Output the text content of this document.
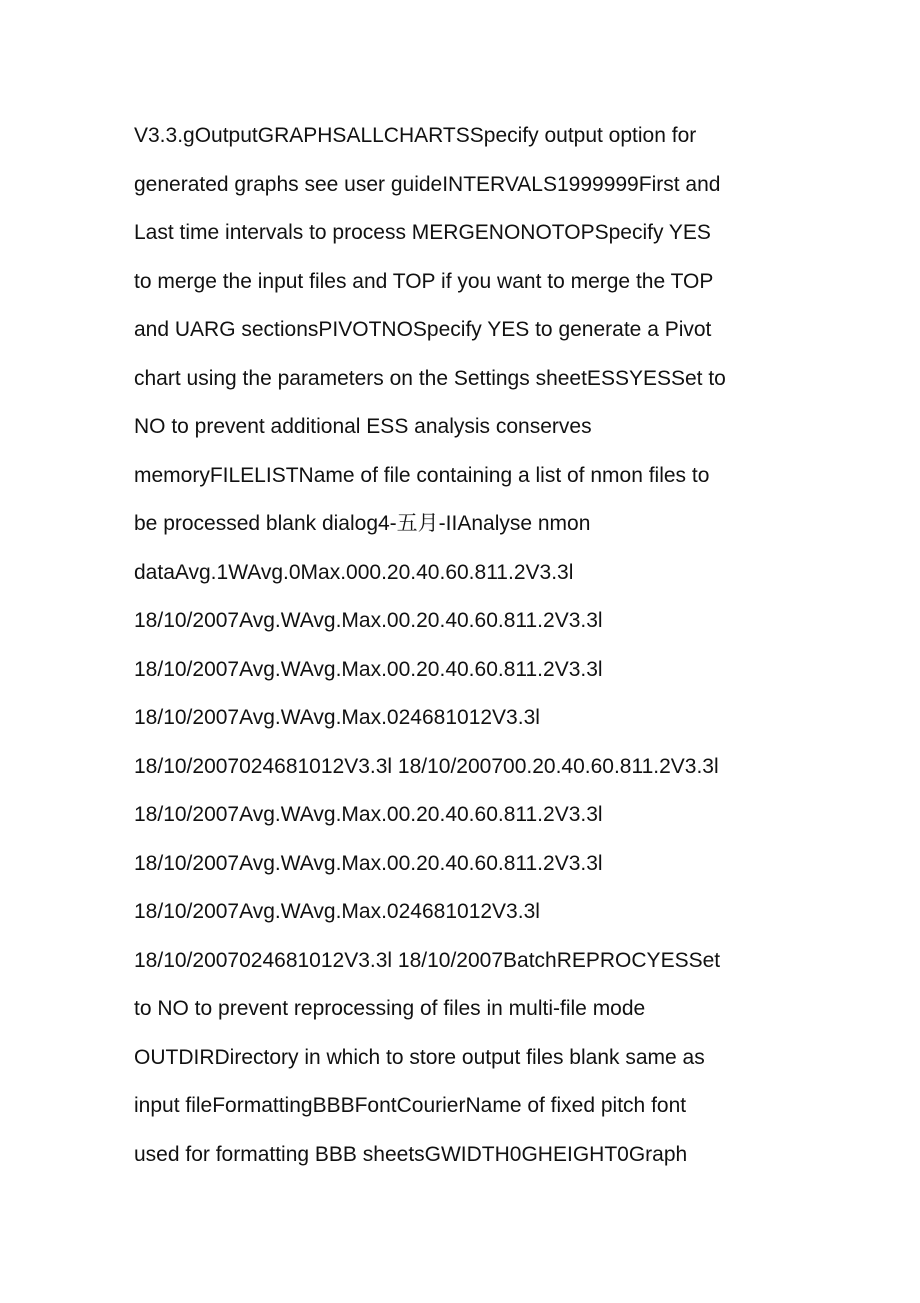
V3.3.gOutputGRAPHSALLCHARTSSpecify output option for
generated graphs see user guideINTERVALS1999999First and
Last time intervals to process MERGENONOTOPSpecify YES
to merge the input files and TOP if you want to merge the TOP
and UARG sectionsPIVOTNOSpecify YES to generate a Pivot
chart using the parameters on the Settings sheetESSYESSet to
NO to prevent additional ESS analysis conserves
memoryFILELISTName of file containing a list of nmon files to
be processed blank dialog4-五月-IIAnalyse nmon
dataAvg.1WAvg.0Max.000.20.40.60.811.2V3.3l
18/10/2007Avg.WAvg.Max.00.20.40.60.811.2V3.3l
18/10/2007Avg.WAvg.Max.00.20.40.60.811.2V3.3l
18/10/2007Avg.WAvg.Max.024681012V3.3l
18/10/2007024681012V3.3l 18/10/200700.20.40.60.811.2V3.3l
18/10/2007Avg.WAvg.Max.00.20.40.60.811.2V3.3l
18/10/2007Avg.WAvg.Max.00.20.40.60.811.2V3.3l
18/10/2007Avg.WAvg.Max.024681012V3.3l
18/10/2007024681012V3.3l 18/10/2007BatchREPROCYESSet
to NO to prevent reprocessing of files in multi-file mode
OUTDIRDirectory in which to store output files blank same as
input fileFormattingBBBFontCourierName of fixed pitch font
used for formatting BBB sheetsGWIDTH0GHEIGHT0Graph
